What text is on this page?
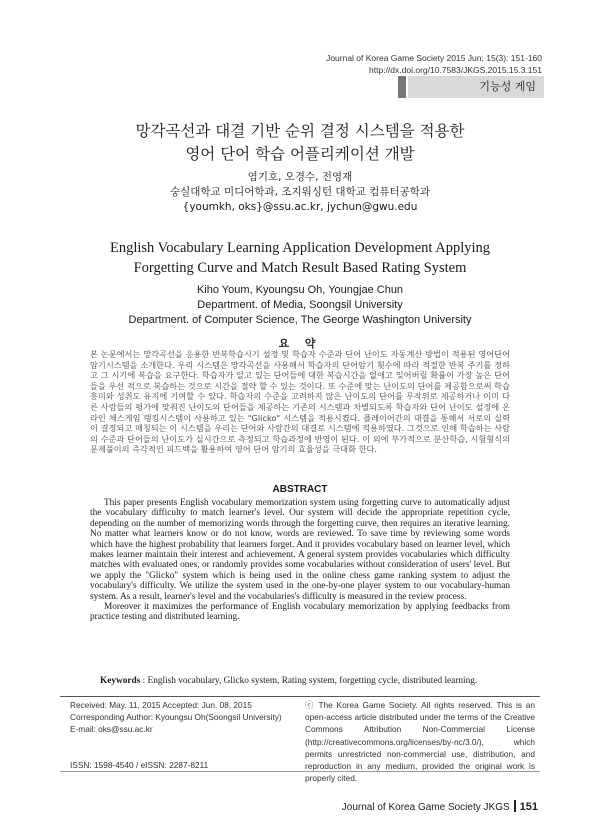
Journal of Korea Game Society 2015 Jun; 15(3): 151-160
http://dx.doi.org/10.7583/JKGS.2015.15.3.151
기능성 게임
망각곡선과 대결 기반 순위 결정 시스템을 적용한
영어 단어 학습 어플리케이션 개발
염기호, 오경수, 전영재
숭실대학교 미디어학과, 조지워싱턴 대학교 컴퓨터공학과
{youmkh, oks}@ssu.ac.kr, jychun@gwu.edu
English Vocabulary Learning Application Development Applying
Forgetting Curve and Match Result Based Rating System
Kiho Youm, Kyoungsu Oh, Youngjae Chun
Department. of Media, Soongsil University
Department. of Computer Science, The George Washington University
요 약
본 논문에서는 망각곡선을 응용한 반복학습시기 설정 및 학습자 수준과 단어 난이도 자동계산 방법이 적용된 영어단어 암기시스템을 소개한다. 우리 시스템은 망각곡선을 사용해서 학습자의 단어암기 횟수에 따라 적절한 반복 주기를 정하고 그 시기에 복습을 요구한다. 학습자가 알고 있는 단어들에 대한 복습시간을 없애고 잊어버릴 확률이 가장 높은 단어들을 우선 적으로 복습하는 것으로 시간을 절약 할 수 있는 것이다. 또 수준에 맞는 난이도의 단어를 제공함으로써 학습 흥미와 성취도 유지에 기여할 수 있다. 학습자의 수준을 고려하지 않은 난이도의 단어를 무작위로 제공하거나 이미 다른 사람들의 평가에 맞춰진 난이도의 단어들을 제공하는 기존의 시스템과 차별되도록 학습자와 단어 난이도 설정에 온라인 체스게임 랭킹시스템이 사용하고 있는 "Glicko" 시스템을 적용시켰다. 플레이어간의 대결을 통해서 서로의 실력이 결정되고 매칭되는 이 시스템을 우리는 단어와 사람간의 대결로 시스템에 적용하였다. 그것으로 인해 학습하는 사람의 수준과 단어들의 난이도가 실시간으로 측정되고 학습과정에 반영이 된다. 이 외에 부가적으로 분산학습, 시험형식의 문제풀이의 즉각적인 피드백을 활용하여 영어 단어 암기의 효율성을 극대화 한다.
ABSTRACT

This paper presents English vocabulary memorization system using forgetting curve to automatically adjust the vocabulary difficulty to match learner's level. Our system will decide the appropriate repetition cycle, depending on the number of memorizing words through the forgetting curve, then requires an iterative learning. No matter what learners know or do not know, words are reviewed. To save time by reviewing some words which have the highest probability that learners forget. And it provides vocabulary based on learner level, which makes learner maintain their interest and achievement. A general system provides vocabularies which difficulty matches with evaluated ones, or randomly provides some vocabularies without consideration of users' level. But we apply the "Glicko" system which is being used in the online chess game ranking system to adjust the vocabulary's difficulty. We utilize the system used in the one-by-one player system to our vocabulary-human system. As a result, learner's level and the vocabularies's difficulty is measured in the review process.

Moreover it maximizes the performance of English vocabulary memorization by applying feedbacks from practice testing and distributed learning.

Keywords : English vocabulary, Glicko system, Rating system, forgetting cycle, distributed learning.
Received: May. 11, 2015 Accepted: Jun. 08, 2015
Corresponding Author: Kyoungsu Oh(Soongsil University)
E-mail: oks@ssu.ac.kr
ISSN: 1598-4540 / eISSN: 2287-8211
ⓒ The Korea Game Society. All rights reserved. This is an open-access article distributed under the terms of the Creative Commons Attribution Non-Commercial License (http://creativecommons.org/licenses/by-nc/3.0/), which permits unrestricted non-commercial use, distribution, and reproduction in any medium, provided the original work is properly cited.
Journal of Korea Game Society JKGS 151
